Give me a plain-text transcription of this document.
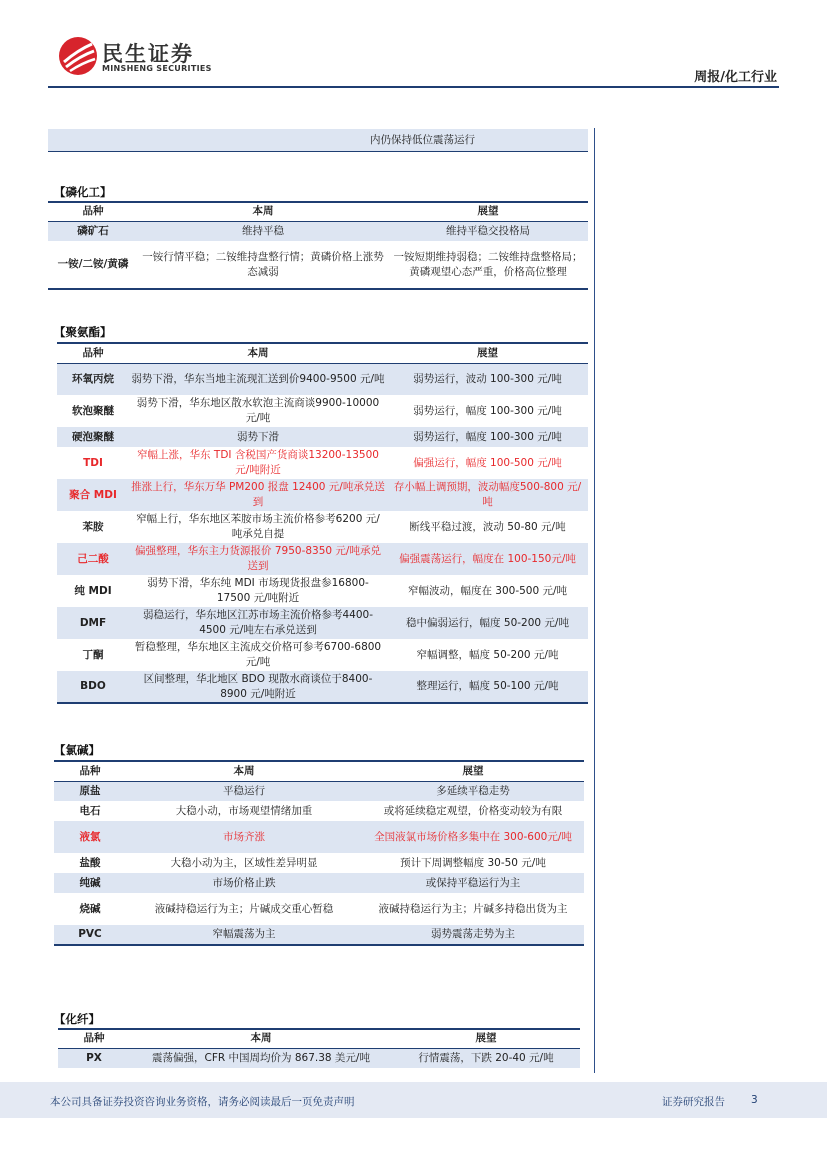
民生证券
MINSHENG SECURITIES
周报/化工行业
			内仍保持低位震荡运行
【磷化工】
品种	本周	展望
磷矿石	维持平稳	维持平稳交投格局
一铵/二铵/黄磷	一铵行情平稳；二铵维持盘整行情；黄磷价格上涨势态减弱	一铵短期维持弱稳；二铵维持盘整格局；黄磷观望心态严重，价格高位整理
【聚氨酯】
品种	本周	展望
环氧丙烷	弱势下滑，华东当地主流现汇送到价9400-9500 元/吨	弱势运行，波动 100-300 元/吨
软泡聚醚	弱势下滑，华东地区散水软泡主流商谈9900-10000 元/吨	弱势运行，幅度 100-300 元/吨
硬泡聚醚	弱势下滑	弱势运行，幅度 100-300 元/吨
TDI	窄幅上涨，华东 TDI 含税国产货商谈13200-13500 元/吨附近	偏强运行，幅度 100-500 元/吨
聚合 MDI	推涨上行，华东万华 PM200 报盘 12400 元/吨承兑送到	存小幅上调预期，波动幅度500-800 元/吨
苯胺	窄幅上行，华东地区苯胺市场主流价格参考6200 元/吨承兑自提	断线平稳过渡，波动 50-80 元/吨
己二酸	偏强整理，华东主力货源报价 7950-8350 元/吨承兑送到	偏强震荡运行，幅度在 100-150元/吨
纯 MDI	弱势下滑，华东纯 MDI 市场现货报盘参16800-17500 元/吨附近	窄幅波动，幅度在 300-500 元/吨
DMF	弱稳运行，华东地区江苏市场主流价格参考4400-4500 元/吨左右承兑送到	稳中偏弱运行，幅度 50-200 元/吨
丁酮	暂稳整理，华东地区主流成交价格可参考6700-6800 元/吨	窄幅调整，幅度 50-200 元/吨
BDO	区间整理，华北地区 BDO 现散水商谈位于8400-8900 元/吨附近	整理运行，幅度 50-100 元/吨
【氯碱】
品种	本周	展望
原盐	平稳运行	多延续平稳走势
电石	大稳小动，市场观望情绪加重	或将延续稳定观望，价格变动较为有限
液氯	市场齐涨	全国液氯市场价格多集中在 300-600元/吨
盐酸	大稳小动为主，区域性差异明显	预计下周调整幅度 30-50 元/吨
纯碱	市场价格止跌	或保持平稳运行为主
烧碱	液碱持稳运行为主；片碱成交重心暂稳	液碱持稳运行为主；片碱多持稳出货为主
PVC	窄幅震荡为主	弱势震荡走势为主
【化纤】
品种	本周	展望
PX	震荡偏强，CFR 中国周均价为 867.38 美元/吨	行情震荡，下跌 20-40 元/吨
本公司具备证券投资咨询业务资格，请务必阅读最后一页免责声明	证券研究报告 3
